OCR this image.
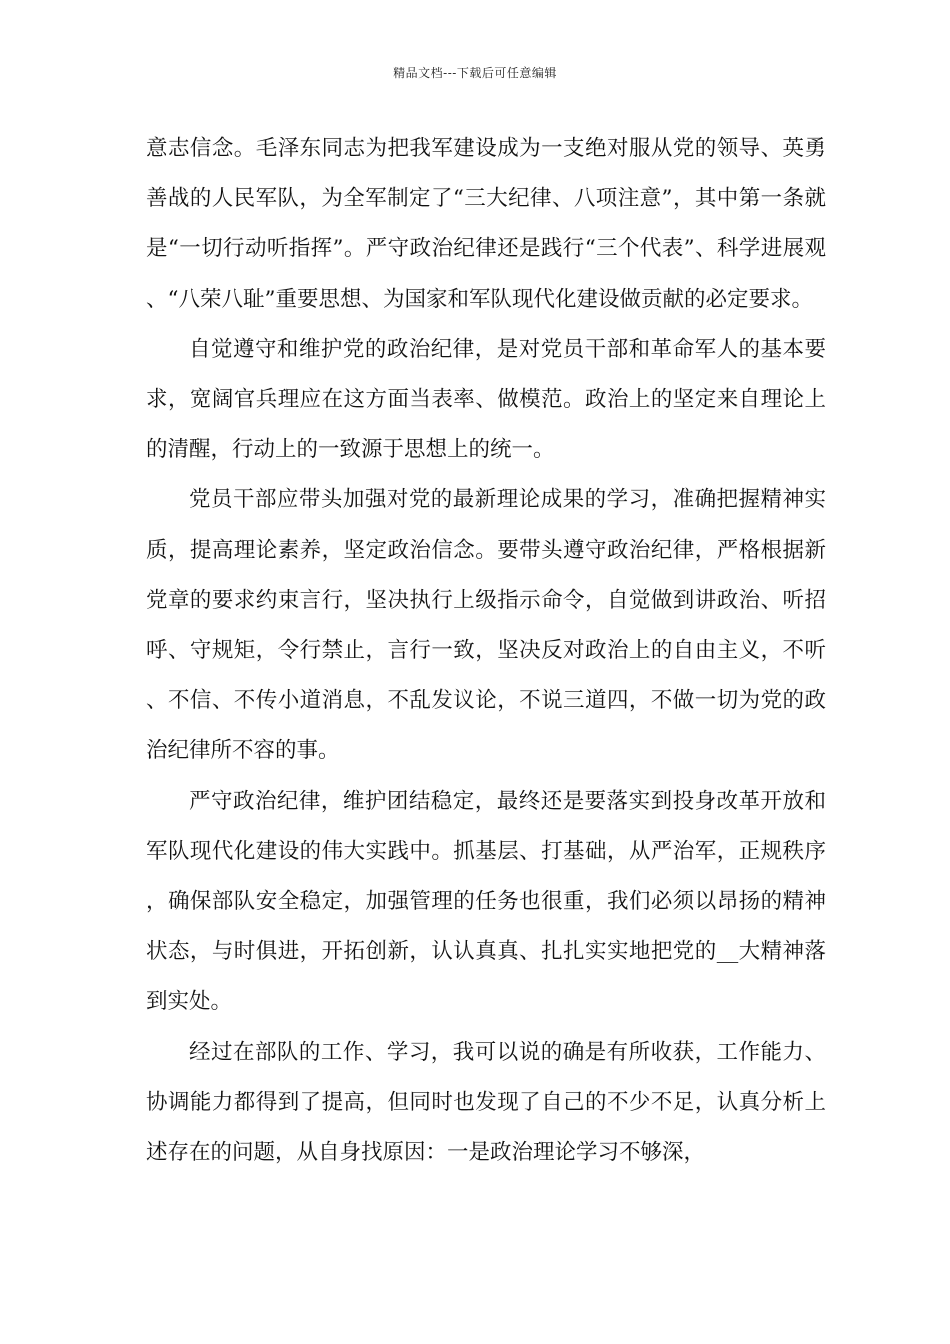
精品文档---下载后可任意编辑

意志信念。毛泽东同志为把我军建设成为一支绝对服从党的领导、英勇善战的人民军队，为全军制定了“三大纪律、八项注意”，其中第一条就是“一切行动听指挥”。严守政治纪律还是践行“三个代表”、科学进展观、“八荣八耻”重要思想、为国家和军队现代化建设做贡献的必定要求。

自觉遵守和维护党的政治纪律，是对党员干部和革命军人的基本要求，宽阔官兵理应在这方面当表率、做模范。政治上的坚定来自理论上的清醒，行动上的一致源于思想上的统一。

党员干部应带头加强对党的最新理论成果的学习，准确把握精神实质，提高理论素养，坚定政治信念。要带头遵守政治纪律，严格根据新党章的要求约束言行，坚决执行上级指示命令，自觉做到讲政治、听招呼、守规矩，令行禁止，言行一致，坚决反对政治上的自由主义，不听、不信、不传小道消息，不乱发议论，不说三道四，不做一切为党的政治纪律所不容的事。

严守政治纪律，维护团结稳定，最终还是要落实到投身改革开放和军队现代化建设的伟大实践中。抓基层、打基础，从严治军，正规秩序，确保部队安全稳定，加强管理的任务也很重，我们必须以昂扬的精神状态，与时俱进，开拓创新，认认真真、扎扎实实地把党的__大精神落到实处。

经过在部队的工作、学习，我可以说的确是有所收获，工作能力、协调能力都得到了提高，但同时也发现了自己的不少不足，认真分析上述存在的问题，从自身找原因：一是政治理论学习不够深，
